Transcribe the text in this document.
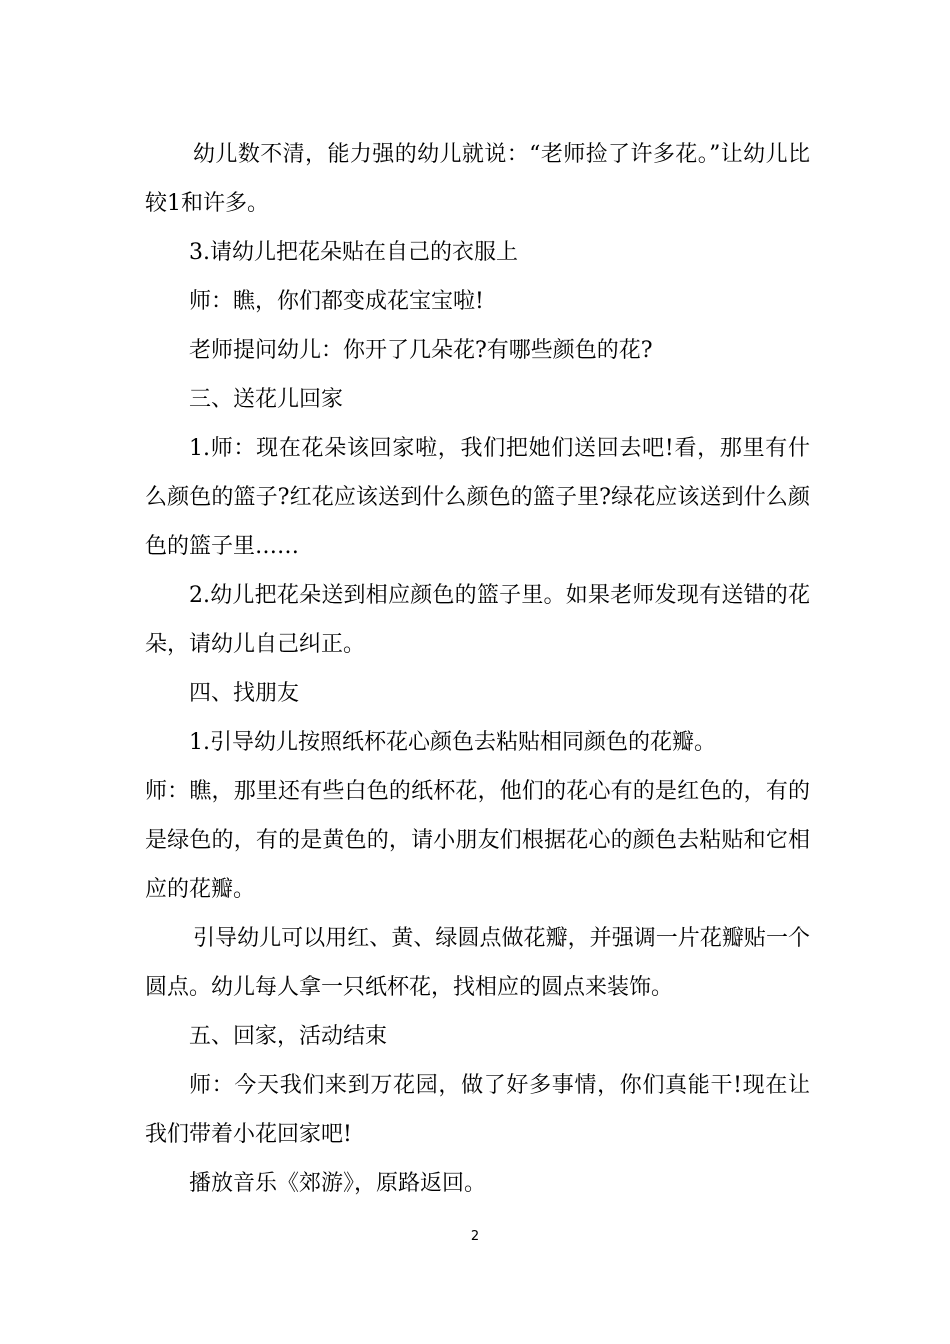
幼儿数不清，能力强的幼儿就说：“老师捡了许多花。”让幼儿比较1和许多。

3.请幼儿把花朵贴在自己的衣服上

师：瞧，你们都变成花宝宝啦!

老师提问幼儿：你开了几朵花?有哪些颜色的花?

三、送花儿回家

1.师：现在花朵该回家啦，我们把她们送回去吧!看，那里有什么颜色的篮子?红花应该送到什么颜色的篮子里?绿花应该送到什么颜色的篮子里……

2.幼儿把花朵送到相应颜色的篮子里。如果老师发现有送错的花朵，请幼儿自己纠正。

四、找朋友

1.引导幼儿按照纸杯花心颜色去粘贴相同颜色的花瓣。

师：瞧，那里还有些白色的纸杯花，他们的花心有的是红色的，有的是绿色的，有的是黄色的，请小朋友们根据花心的颜色去粘贴和它相应的花瓣。

引导幼儿可以用红、黄、绿圆点做花瓣，并强调一片花瓣贴一个圆点。幼儿每人拿一只纸杯花，找相应的圆点来装饰。

五、回家，活动结束

师：今天我们来到万花园，做了好多事情，你们真能干!现在让我们带着小花回家吧!

播放音乐《郊游》，原路返回。

2
